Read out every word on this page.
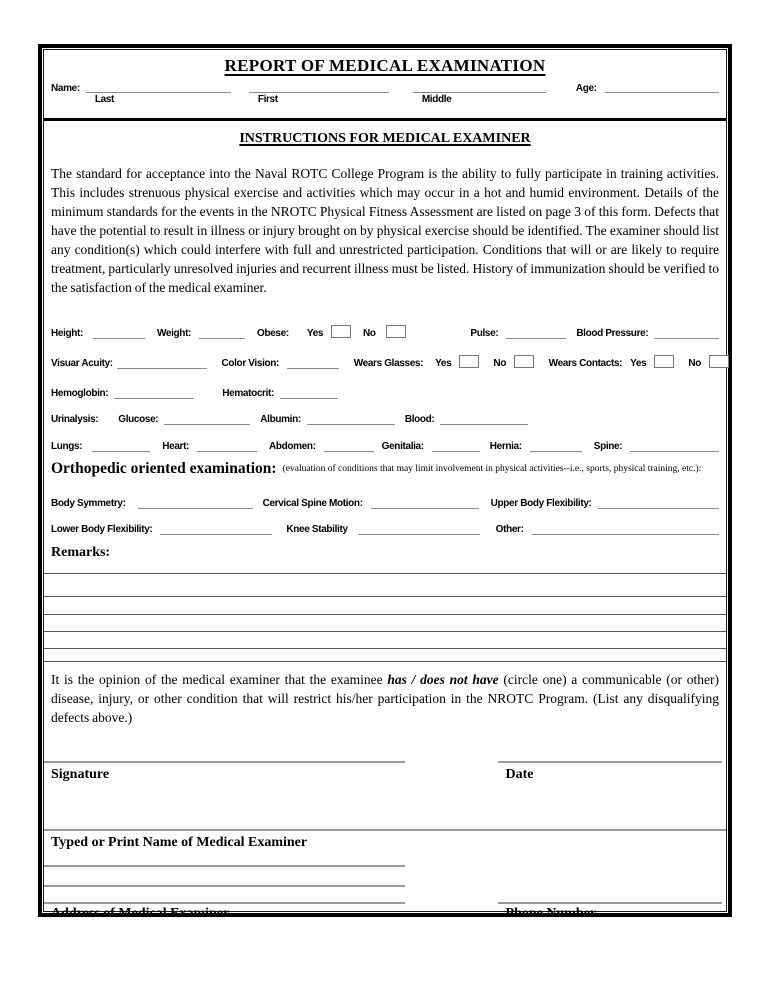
REPORT OF MEDICAL EXAMINATION
Name:
Last	First	Middle
Age:
INSTRUCTIONS FOR MEDICAL EXAMINER

The standard for acceptance into the Naval ROTC College Program is the ability to fully participate in training activities. This includes strenuous physical exercise and activities which may occur in a hot and humid environment. Details of the minimum standards for the events in the NROTC Physical Fitness Assessment are listed on page 3 of this form. Defects that have the potential to result in illness or injury brought on by physical exercise should be identified. The examiner should list any condition(s) which could interfere with full and unrestricted participation. Conditions that will or are likely to require treatment, particularly unresolved injuries and recurrent illness must be listed. History of immunization should be verified to the satisfaction of the medical examiner.

Height:	Weight:	Obese: Yes	No	Pulse:	Blood Pressure:
Visuar Acuity:	Color Vision:	Wears Glasses: Yes	No	Wears Contacts: Yes	No
Hemoglobin:	Hematocrit:
Urinalysis: Glucose:	Albumin:	Blood:
Lungs:	Heart:	Abdomen:	Genitalia:	Hernia:	Spine:
Orthopedic oriented examination: (evaluation of conditions that may limit involvement in physical activities--i.e., sports, physical training, etc.):
Body Symmetry:	Cervical Spine Motion:	Upper Body Flexibility:
Lower Body Flexibility:	Knee Stability	Other:
Remarks:

It is the opinion of the medical examiner that the examinee has / does not have (circle one) a communicable (or other) disease, injury, or other condition that will restrict his/her participation in the NROTC Program. (List any disqualifying defects above.)

Signature	Date
Typed or Print Name of Medical Examiner
Address of Medical Examiner	Phone Number
